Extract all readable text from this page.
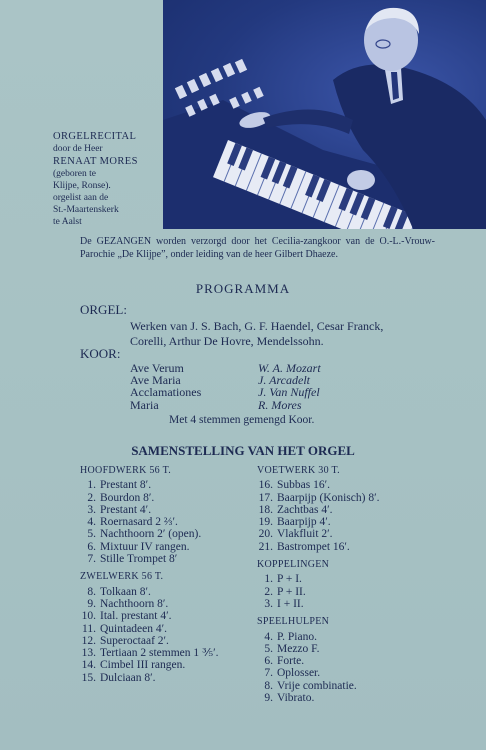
ORGELRECITAL
door de Heer
RENAAT MORES
(geboren te
Klijpe, Ronse).
orgelist aan de
St.-Maartenskerk
te Aalst
De GEZANGEN worden verzorgd door het Cecilia-zangkoor van de O.-L.-Vrouw-Parochie „De Klijpe”, onder leiding van de heer Gilbert Dhaeze.
PROGRAMMA
ORGEL:
Werken van J. S. Bach, G. F. Haendel, Cesar Franck,
Corelli, Arthur De Hovre, Mendelssohn.
KOOR:
Ave Verum	W. A. Mozart
Ave Maria	J. Arcadelt
Acclamationes	J. Van Nuffel
Maria	R. Mores
Met 4 stemmen gemengd Koor.
SAMENSTELLING VAN HET ORGEL
HOOFDWERK 56 T.
1. Prestant 8′.
2. Bourdon 8′.
3. Prestant 4′.
4. Roernasard 2 ⅔′.
5. Nachthoorn 2′ (open).
6. Mixtuur IV rangen.
7. Stille Trompet 8′
ZWELWERK 56 T.
8. Tolkaan 8′.
9. Nachthoorn 8′.
10. Ital. prestant 4′.
11. Quintadeen 4′.
12. Superoctaaf 2′.
13. Tertiaan 2 stemmen 1 ⅗′.
14. Cimbel III rangen.
15. Dulciaan 8′.
VOETWERK 30 T.
16. Subbas 16′.
17. Baarpijp (Konisch) 8′.
18. Zachtbas 4′.
19. Baarpijp 4′.
20. Vlakfluit 2′.
21. Bastrompet 16′.
KOPPELINGEN
1. P + I.
2. P + II.
3. I + II.
SPEELHULPEN
4. P. Piano.
5. Mezzo F.
6. Forte.
7. Oplosser.
8. Vrije combinatie.
9. Vibrato.
